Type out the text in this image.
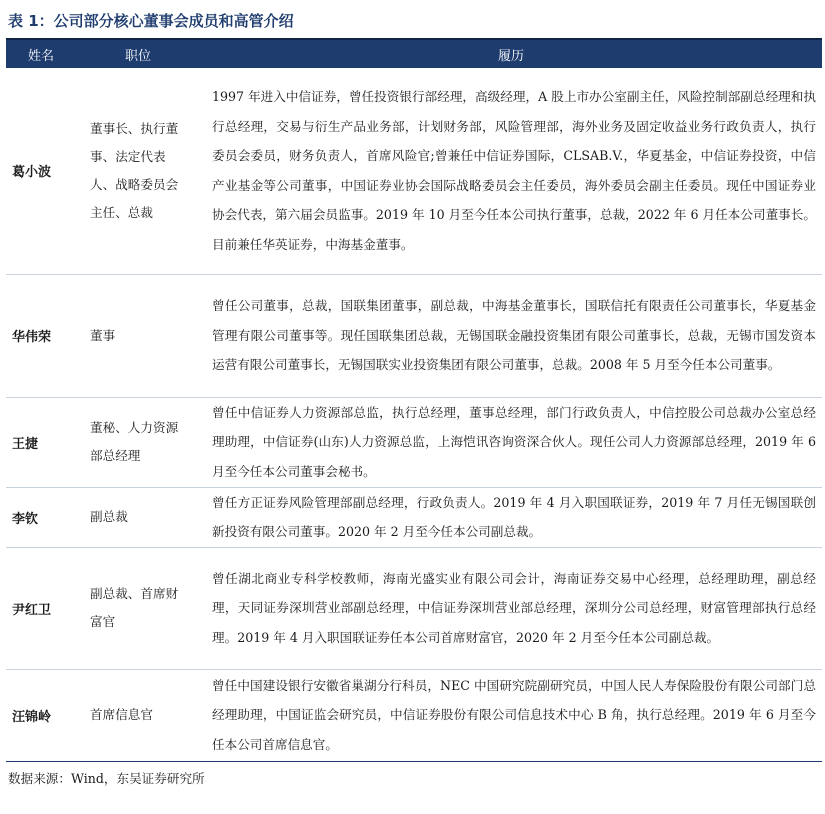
表 1：公司部分核心董事会成员和高管介绍
姓名	职位	履历
葛小波	董事长、执行董事、法定代表人、战略委员会主任、总裁	1997 年进入中信证券，曾任投资银行部经理，高级经理，A 股上市办公室副主任，风险控制部副总经理和执行总经理，交易与衍生产品业务部，计划财务部，风险管理部，海外业务及固定收益业务行政负责人，执行委员会委员，财务负责人，首席风险官;曾兼任中信证券国际，CLSAB.V.，华夏基金，中信证券投资，中信产业基金等公司董事，中国证券业协会国际战略委员会主任委员，海外委员会副主任委员。现任中国证券业协会代表，第六届会员监事。2019 年 10 月至今任本公司执行董事，总裁，2022 年 6 月任本公司董事长。目前兼任华英证券，中海基金董事。
华伟荣	董事	曾任公司董事，总裁，国联集团董事，副总裁，中海基金董事长，国联信托有限责任公司董事长，华夏基金管理有限公司董事等。现任国联集团总裁，无锡国联金融投资集团有限公司董事长，总裁，无锡市国发资本运营有限公司董事长，无锡国联实业投资集团有限公司董事，总裁。2008 年 5 月至今任本公司董事。
王捷	董秘、人力资源部总经理	曾任中信证券人力资源部总监，执行总经理，董事总经理，部门行政负责人，中信控股公司总裁办公室总经理助理，中信证券(山东)人力资源总监，上海恺讯咨询资深合伙人。现任公司人力资源部总经理，2019 年 6 月至今任本公司董事会秘书。
李钦	副总裁	曾任方正证券风险管理部副总经理，行政负责人。2019 年 4 月入职国联证券，2019 年 7 月任无锡国联创新投资有限公司董事。2020 年 2 月至今任本公司副总裁。
尹红卫	副总裁、首席财富官	曾任湖北商业专科学校教师，海南光盛实业有限公司会计，海南证券交易中心经理，总经理助理，副总经理，天同证券深圳营业部副总经理，中信证券深圳营业部总经理，深圳分公司总经理，财富管理部执行总经理。2019 年 4 月入职国联证券任本公司首席财富官，2020 年 2 月至今任本公司副总裁。
汪锦岭	首席信息官	曾任中国建设银行安徽省巢湖分行科员，NEC 中国研究院副研究员，中国人民人寿保险股份有限公司部门总经理助理，中国证监会研究员，中信证券股份有限公司信息技术中心 B 角，执行总经理。2019 年 6 月至今任本公司首席信息官。
数据来源：Wind，东吴证券研究所
